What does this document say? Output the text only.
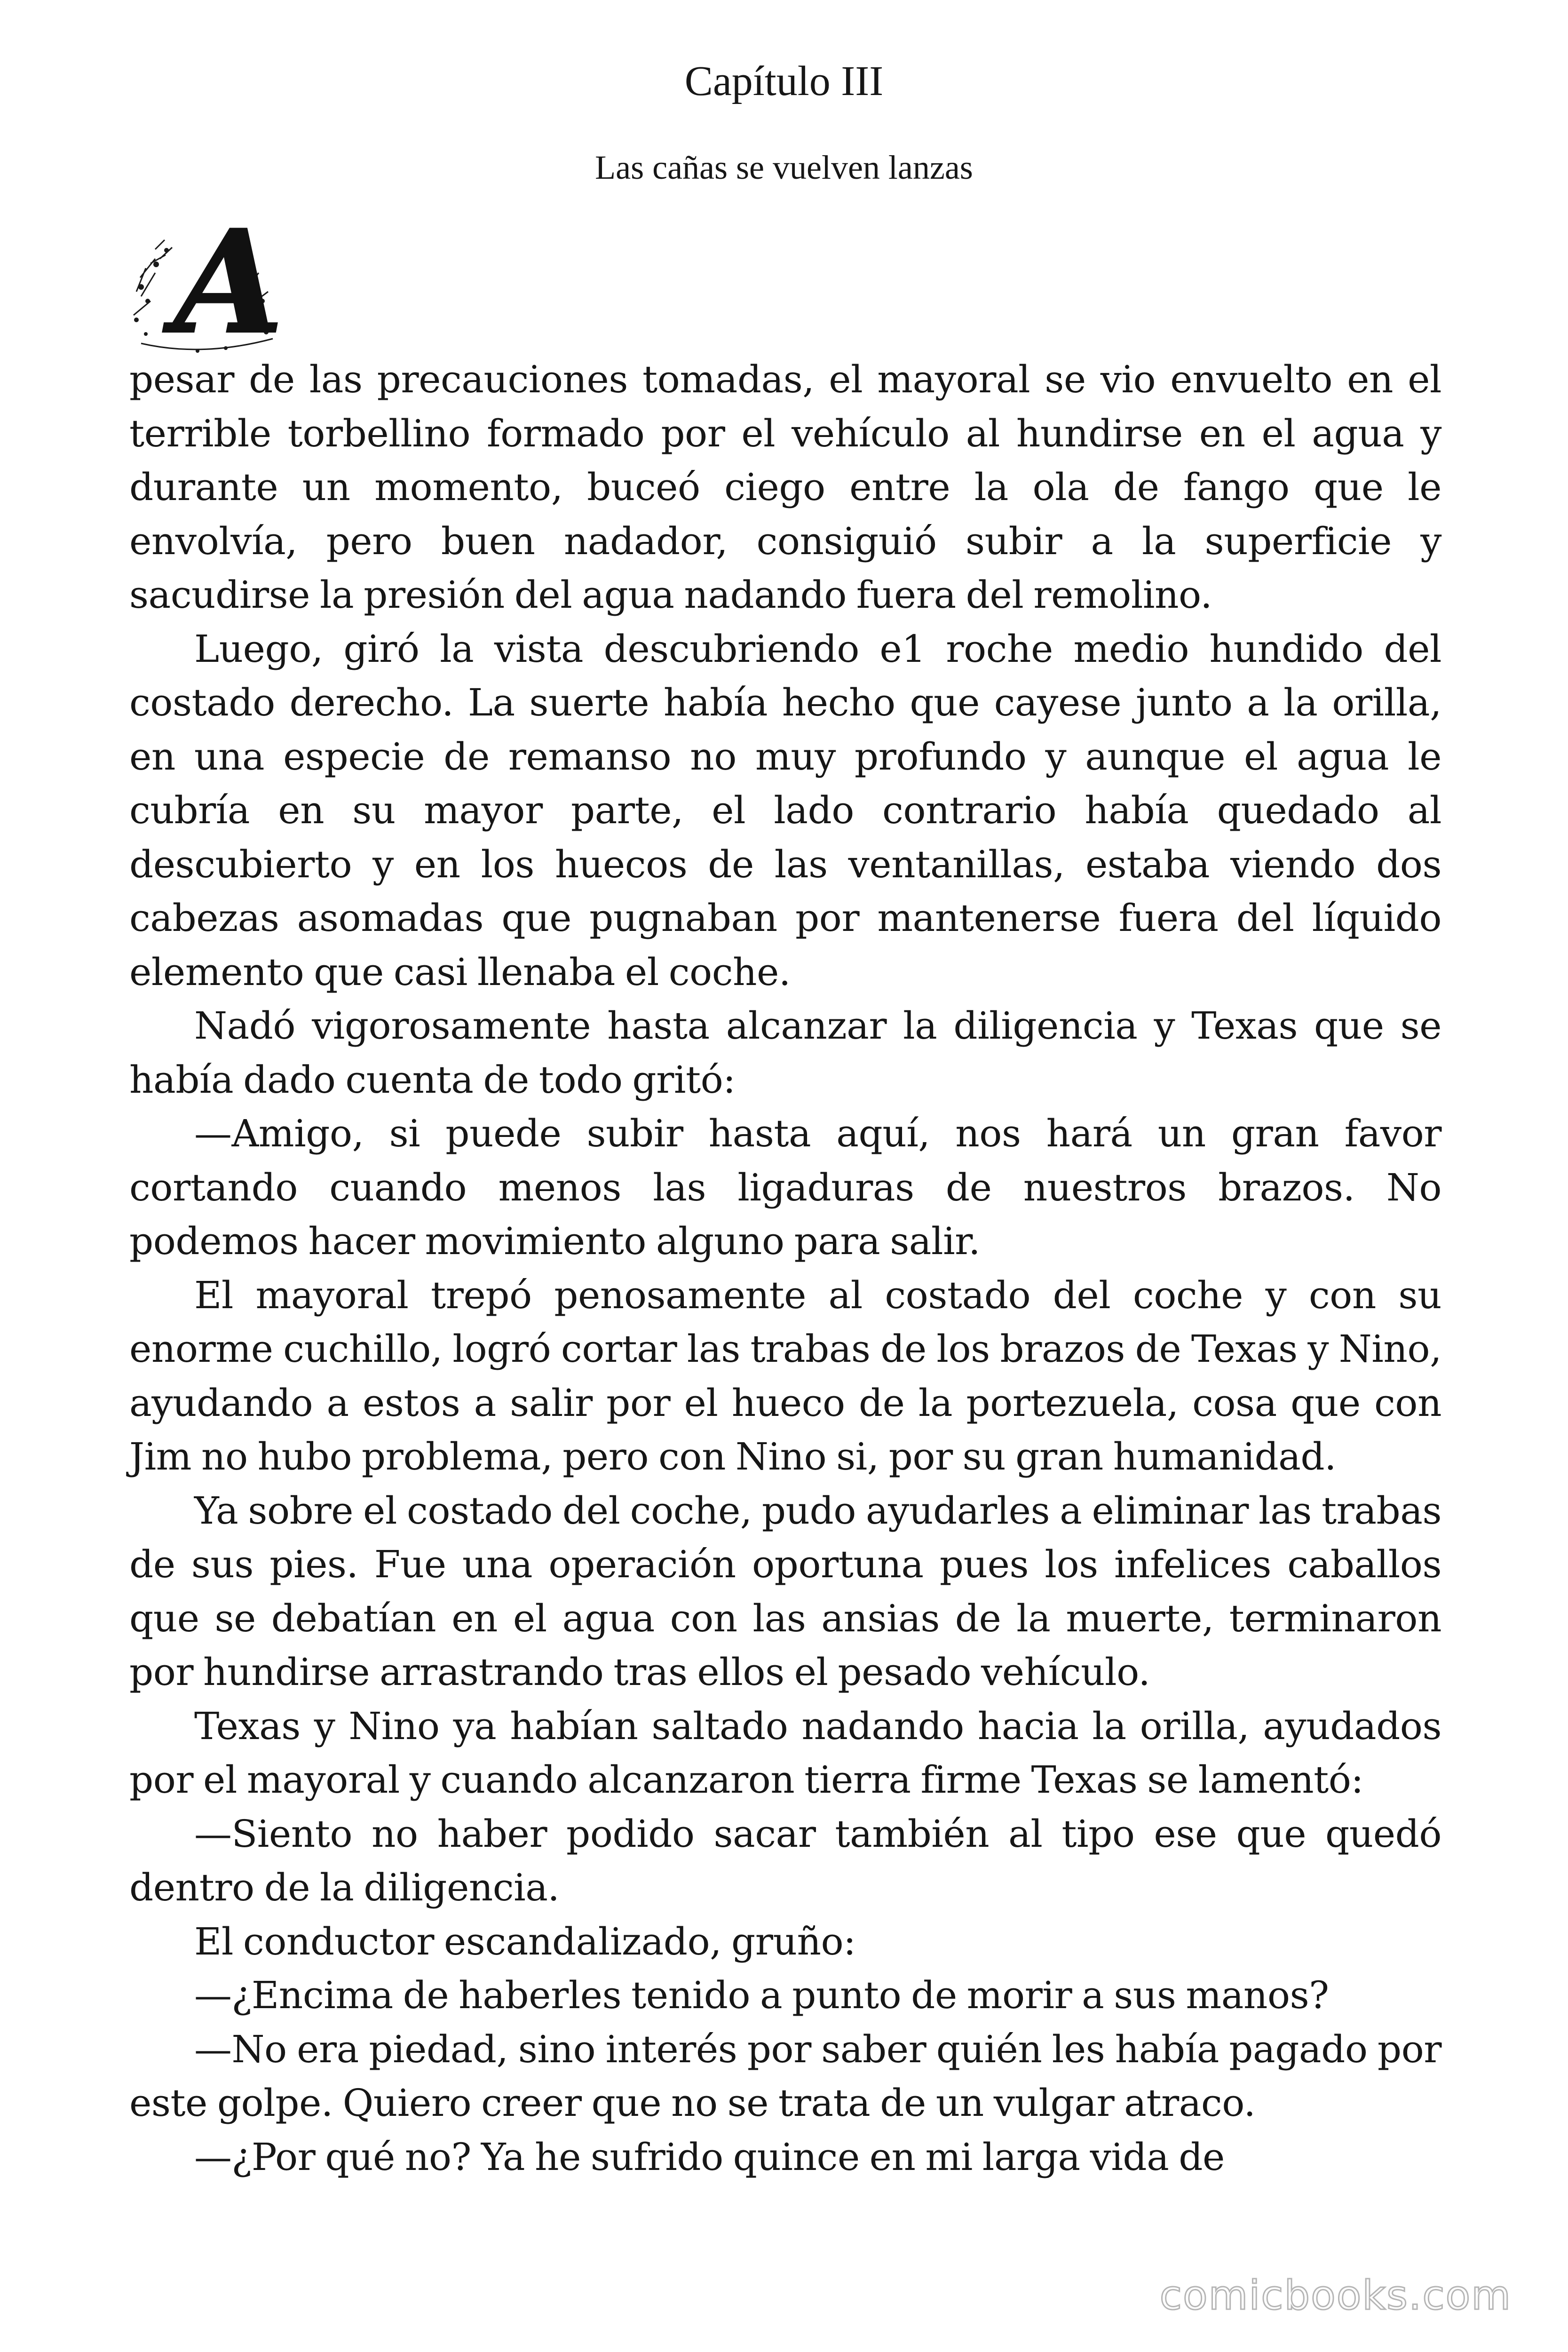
Capítulo III
Las cañas se vuelven lanzas
A

pesar de las precauciones tomadas, el mayoral se vio envuelto en el terrible torbellino formado por el vehículo al hundirse en el agua y durante un momento, buceó ciego entre la ola de fango que le envolvía, pero buen nadador, consiguió subir a la superficie y sacudirse la presión del agua nadando fuera del remolino.

Luego, giró la vista descubriendo e1 roche medio hundido del costado derecho. La suerte había hecho que cayese junto a la orilla, en una especie de remanso no muy profundo y aunque el agua le cubría en su mayor parte, el lado contrario había quedado al descubierto y en los huecos de las ventanillas, estaba viendo dos cabezas asomadas que pugnaban por mantenerse fuera del líquido elemento que casi llenaba el coche.

Nadó vigorosamente hasta alcanzar la diligencia y Texas que se había dado cuenta de todo gritó:

—Amigo, si puede subir hasta aquí, nos hará un gran favor cortando cuando menos las ligaduras de nuestros brazos. No podemos hacer movimiento alguno para salir.

El mayoral trepó penosamente al costado del coche y con su enorme cuchillo, logró cortar las trabas de los brazos de Texas y Nino, ayudando a estos a salir por el hueco de la portezuela, cosa que con Jim no hubo problema, pero con Nino si, por su gran humanidad.

Ya sobre el costado del coche, pudo ayudarles a eliminar las trabas de sus pies. Fue una operación oportuna pues los infelices caballos que se debatían en el agua con las ansias de la muerte, terminaron por hundirse arrastrando tras ellos el pesado vehículo.

Texas y Nino ya habían saltado nadando hacia la orilla, ayudados por el mayoral y cuando alcanzaron tierra firme Texas se lamentó:

—Siento no haber podido sacar también al tipo ese que quedó dentro de la diligencia.

El conductor escandalizado, gruño:

—¿Encima de haberles tenido a punto de morir a sus manos?

—No era piedad, sino interés por saber quién les había pagado por este golpe. Quiero creer que no se trata de un vulgar atraco.

—¿Por qué no? Ya he sufrido quince en mi larga vida de

comicbooks.com
